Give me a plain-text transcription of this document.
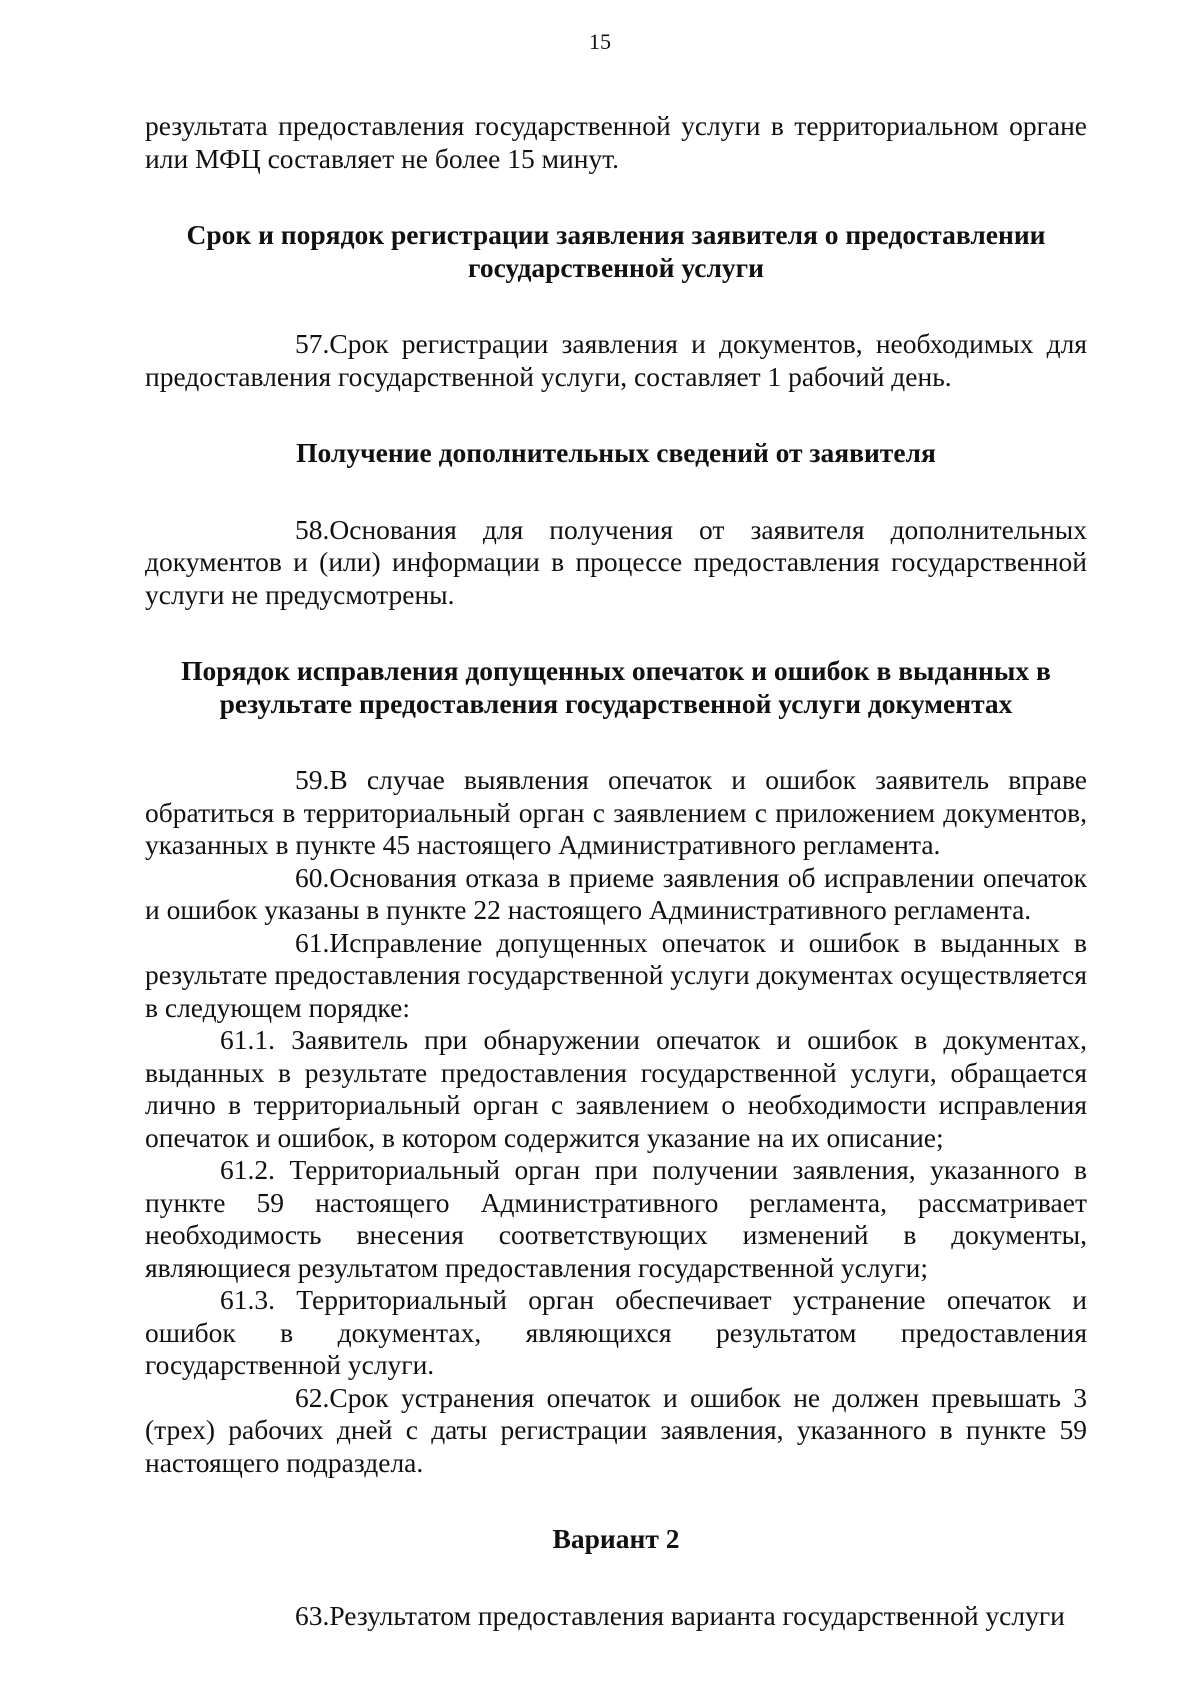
15

результата предоставления государственной услуги в территориальном органе или МФЦ составляет не более 15 минут.

Срок и порядок регистрации заявления заявителя о предоставлении государственной услуги

57.Срок регистрации заявления и документов, необходимых для предоставления государственной услуги, составляет 1 рабочий день.

Получение дополнительных сведений от заявителя

58.Основания для получения от заявителя дополнительных документов и (или) информации в процессе предоставления государственной услуги не предусмотрены.

Порядок исправления допущенных опечаток и ошибок в выданных в результате предоставления государственной услуги документах

59.В случае выявления опечаток и ошибок заявитель вправе обратиться в территориальный орган с заявлением с приложением документов, указанных в пункте 45 настоящего Административного регламента.

60.Основания отказа в приеме заявления об исправлении опечаток и ошибок указаны в пункте 22 настоящего Административного регламента.

61.Исправление допущенных опечаток и ошибок в выданных в результате предоставления государственной услуги документах осуществляется в следующем порядке:

61.1. Заявитель при обнаружении опечаток и ошибок в документах, выданных в результате предоставления государственной услуги, обращается лично в территориальный орган с заявлением о необходимости исправления опечаток и ошибок, в котором содержится указание на их описание;

61.2. Территориальный орган при получении заявления, указанного в пункте 59 настоящего Административного регламента, рассматривает необходимость внесения соответствующих изменений в документы, являющиеся результатом предоставления государственной услуги;

61.3. Территориальный орган обеспечивает устранение опечаток и ошибок в документах, являющихся результатом предоставления государственной услуги.

62.Срок устранения опечаток и ошибок не должен превышать 3 (трех) рабочих дней с даты регистрации заявления, указанного в пункте 59 настоящего подраздела.

Вариант 2

63.Результатом предоставления варианта государственной услуги
